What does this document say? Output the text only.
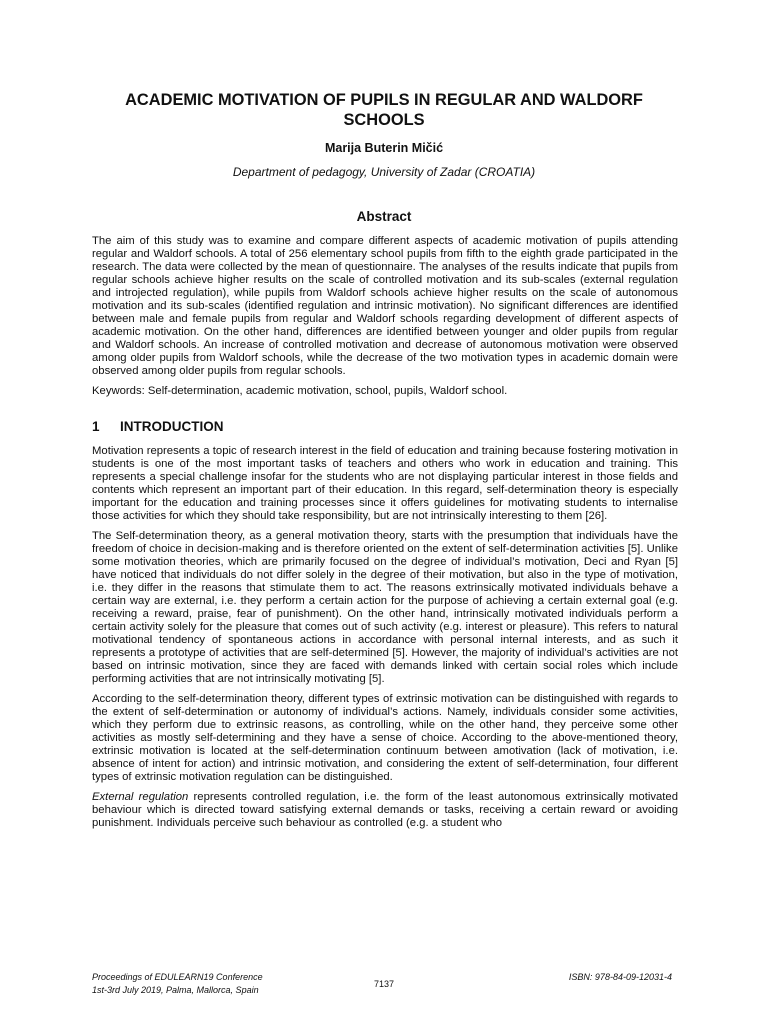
ACADEMIC MOTIVATION OF PUPILS IN REGULAR AND WALDORF SCHOOLS
Marija Buterin Mičić
Department of pedagogy, University of Zadar (CROATIA)
Abstract

The aim of this study was to examine and compare different aspects of academic motivation of pupils attending regular and Waldorf schools. A total of 256 elementary school pupils from fifth to the eighth grade participated in the research. The data were collected by the mean of questionnaire. The analyses of the results indicate that pupils from regular schools achieve higher results on the scale of controlled motivation and its sub-scales (external regulation and introjected regulation), while pupils from Waldorf schools achieve higher results on the scale of autonomous motivation and its sub-scales (identified regulation and intrinsic motivation). No significant differences are identified between male and female pupils from regular and Waldorf schools regarding development of different aspects of academic motivation. On the other hand, differences are identified between younger and older pupils from regular and Waldorf schools. An increase of controlled motivation and decrease of autonomous motivation were observed among older pupils from Waldorf schools, while the decrease of the two motivation types in academic domain were observed among older pupils from regular schools.

Keywords: Self-determination, academic motivation, school, pupils, Waldorf school.

1	INTRODUCTION

Motivation represents a topic of research interest in the field of education and training because fostering motivation in students is one of the most important tasks of teachers and others who work in education and training. This represents a special challenge insofar for the students who are not displaying particular interest in those fields and contents which represent an important part of their education. In this regard, self-determination theory is especially important for the education and training processes since it offers guidelines for motivating students to internalise those activities for which they should take responsibility, but are not intrinsically interesting to them [26].

The Self-determination theory, as a general motivation theory, starts with the presumption that individuals have the freedom of choice in decision-making and is therefore oriented on the extent of self-determination activities [5]. Unlike some motivation theories, which are primarily focused on the degree of individual’s motivation, Deci and Ryan [5] have noticed that individuals do not differ solely in the degree of their motivation, but also in the type of motivation, i.e. they differ in the reasons that stimulate them to act. The reasons extrinsically motivated individuals behave a certain way are external, i.e. they perform a certain action for the purpose of achieving a certain external goal (e.g. receiving a reward, praise, fear of punishment). On the other hand, intrinsically motivated individuals perform a certain activity solely for the pleasure that comes out of such activity (e.g. interest or pleasure). This refers to natural motivational tendency of spontaneous actions in accordance with personal internal interests, and as such it represents a prototype of activities that are self-determined [5]. However, the majority of individual’s activities are not based on intrinsic motivation, since they are faced with demands linked with certain social roles which include performing activities that are not intrinsically motivating [5].

According to the self-determination theory, different types of extrinsic motivation can be distinguished with regards to the extent of self-determination or autonomy of individual’s actions. Namely, individuals consider some activities, which they perform due to extrinsic reasons, as controlling, while on the other hand, they perceive some other activities as mostly self-determining and they have a sense of choice. According to the above-mentioned theory, extrinsic motivation is located at the self-determination continuum between amotivation (lack of motivation, i.e. absence of intent for action) and intrinsic motivation, and considering the extent of self-determination, four different types of extrinsic motivation regulation can be distinguished.

External regulation represents controlled regulation, i.e. the form of the least autonomous extrinsically motivated behaviour which is directed toward satisfying external demands or tasks, receiving a certain reward or avoiding punishment. Individuals perceive such behaviour as controlled (e.g. a student who

Proceedings of EDULEARN19 Conference
1st-3rd July 2019, Palma, Mallorca, Spain
7137
ISBN: 978-84-09-12031-4
